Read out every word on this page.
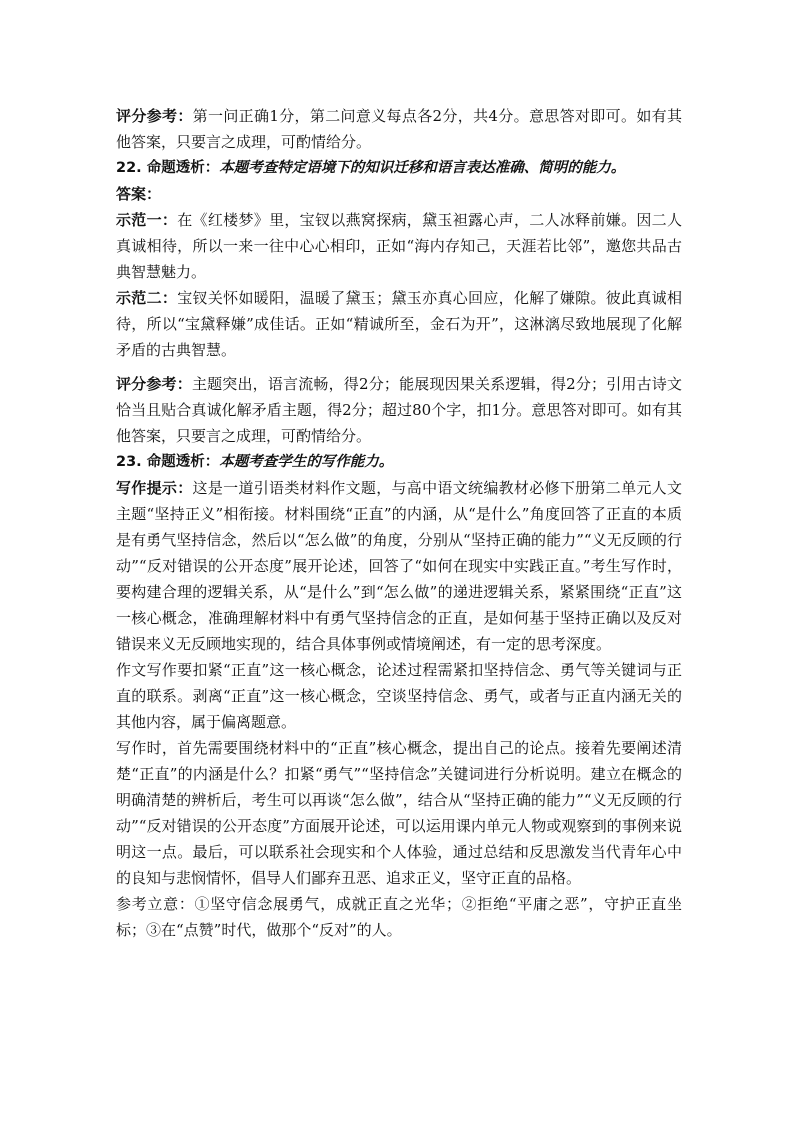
评分参考：第一问正确1分，第二问意义每点各2分，共4分。意思答对即可。如有其他答案，只要言之成理，可酌情给分。

22. 命题透析：本题考查特定语境下的知识迁移和语言表达准确、简明的能力。

答案：

示范一：在《红楼梦》里，宝钗以燕窝探病，黛玉袒露心声，二人冰释前嫌。因二人真诚相待，所以一来一往中心心相印，正如“海内存知己，天涯若比邻”，邀您共品古典智慧魅力。

示范二：宝钗关怀如暖阳，温暖了黛玉；黛玉亦真心回应，化解了嫌隙。彼此真诚相待，所以“宝黛释嫌”成佳话。正如“精诚所至，金石为开”，这淋漓尽致地展现了化解矛盾的古典智慧。

评分参考：主题突出，语言流畅，得2分；能展现因果关系逻辑，得2分；引用古诗文恰当且贴合真诚化解矛盾主题，得2分；超过80个字，扣1分。意思答对即可。如有其他答案，只要言之成理，可酌情给分。

23. 命题透析：本题考查学生的写作能力。

写作提示：这是一道引语类材料作文题，与高中语文统编教材必修下册第二单元人文主题“坚持正义”相衔接。材料围绕“正直”的内涵，从“是什么”角度回答了正直的本质是有勇气坚持信念，然后以“怎么做”的角度，分别从“坚持正确的能力”“义无反顾的行动”“反对错误的公开态度”展开论述，回答了“如何在现实中实践正直。”考生写作时，要构建合理的逻辑关系，从“是什么”到“怎么做”的递进逻辑关系，紧紧围绕“正直”这一核心概念，准确理解材料中有勇气坚持信念的正直，是如何基于坚持正确以及反对错误来义无反顾地实现的，结合具体事例或情境阐述，有一定的思考深度。

作文写作要扣紧“正直”这一核心概念，论述过程需紧扣坚持信念、勇气等关键词与正直的联系。剥离“正直”这一核心概念，空谈坚持信念、勇气，或者与正直内涵无关的其他内容，属于偏离题意。

写作时，首先需要围绕材料中的“正直”核心概念，提出自己的论点。接着先要阐述清楚“正直”的内涵是什么？扣紧“勇气”“坚持信念”关键词进行分析说明。建立在概念的明确清楚的辨析后，考生可以再谈“怎么做”，结合从“坚持正确的能力”“义无反顾的行动”“反对错误的公开态度”方面展开论述，可以运用课内单元人物或观察到的事例来说明这一点。最后，可以联系社会现实和个人体验，通过总结和反思激发当代青年心中的良知与悲悯情怀，倡导人们鄙弃丑恶、追求正义，坚守正直的品格。

参考立意：①坚守信念展勇气，成就正直之光华；②拒绝“平庸之恶”，守护正直坐标；③在“点赞”时代，做那个“反对”的人。
